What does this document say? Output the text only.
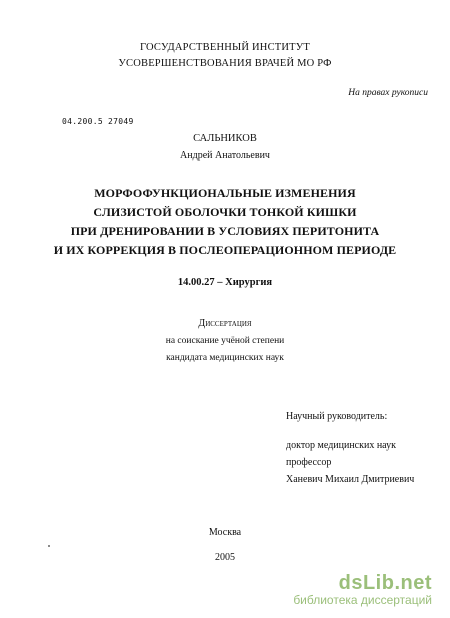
ГОСУДАРСТВЕННЫЙ ИНСТИТУТ
УСОВЕРШЕНСТВОВАНИЯ ВРАЧЕЙ МО РФ
На правах рукописи
04.200.5 27049
САЛЬНИКОВ
Андрей Анатольевич
МОРФОФУНКЦИОНАЛЬНЫЕ ИЗМЕНЕНИЯ
СЛИЗИСТОЙ ОБОЛОЧКИ ТОНКОЙ КИШКИ
ПРИ ДРЕНИРОВАНИИ В УСЛОВИЯХ ПЕРИТОНИТА
И ИХ КОРРЕКЦИЯ В ПОСЛЕОПЕРАЦИОННОМ ПЕРИОДЕ
14.00.27 – Хирургия
Диссертация
на соискание учёной степени
кандидата медицинских наук
Научный руководитель:
доктор медицинских наук
профессор
Ханевич Михаил Дмитриевич
Москва
2005
dsLib.net
библиотека диссертаций
